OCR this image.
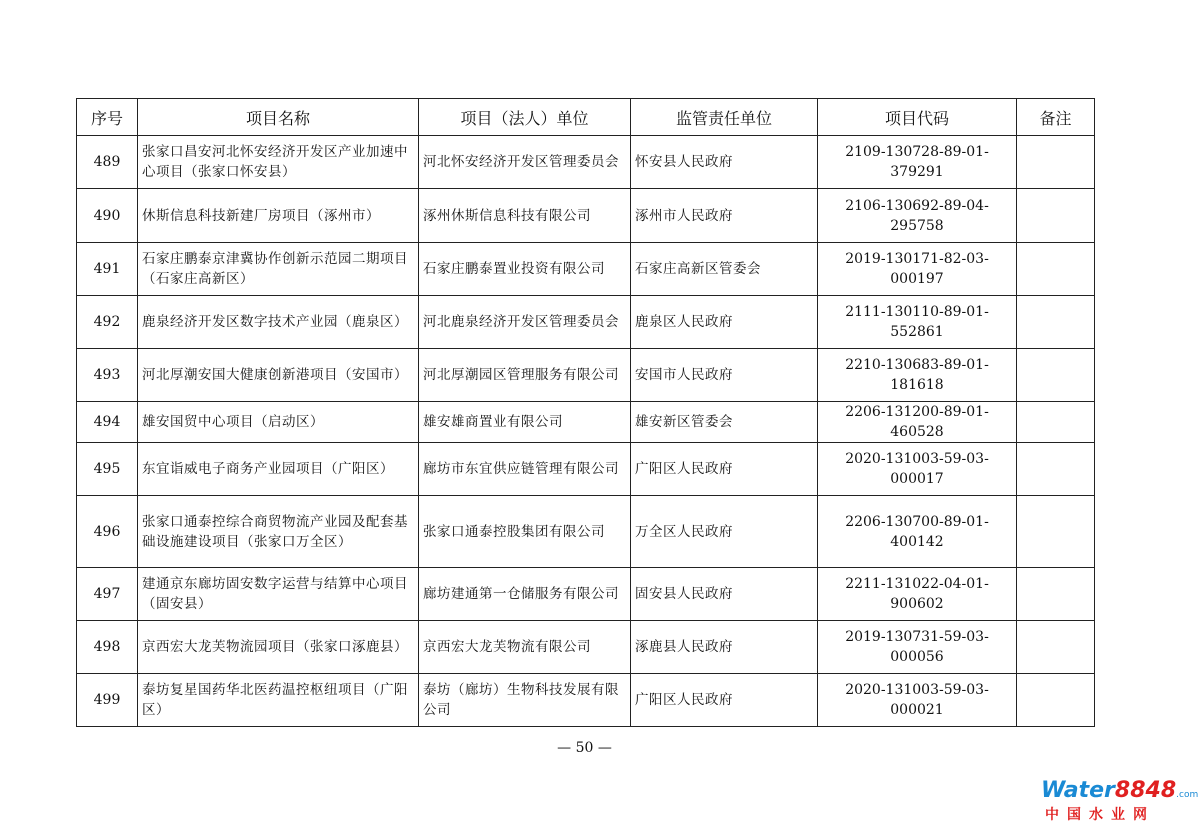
序号	项目名称	项目（法人）单位	监管责任单位	项目代码	备注
489	张家口昌安河北怀安经济开发区产业加速中心项目（张家口怀安县）	河北怀安经济开发区管理委员会	怀安县人民政府	2109-130728-89-01-379291	
490	休斯信息科技新建厂房项目（涿州市）	涿州休斯信息科技有限公司	涿州市人民政府	2106-130692-89-04-295758	
491	石家庄鹏泰京津冀协作创新示范园二期项目（石家庄高新区）	石家庄鹏泰置业投资有限公司	石家庄高新区管委会	2019-130171-82-03-000197	
492	鹿泉经济开发区数字技术产业园（鹿泉区）	河北鹿泉经济开发区管理委员会	鹿泉区人民政府	2111-130110-89-01-552861	
493	河北厚潮安国大健康创新港项目（安国市）	河北厚潮园区管理服务有限公司	安国市人民政府	2210-130683-89-01-181618	
494	雄安国贸中心项目（启动区）	雄安雄商置业有限公司	雄安新区管委会	2206-131200-89-01-460528	
495	东宜诣威电子商务产业园项目（广阳区）	廊坊市东宜供应链管理有限公司	广阳区人民政府	2020-131003-59-03-000017	
496	张家口通泰控综合商贸物流产业园及配套基础设施建设项目（张家口万全区）	张家口通泰控股集团有限公司	万全区人民政府	2206-130700-89-01-400142	
497	建通京东廊坊固安数字运营与结算中心项目（固安县）	廊坊建通第一仓储服务有限公司	固安县人民政府	2211-131022-04-01-900602	
498	京西宏大龙芙物流园项目（张家口涿鹿县）	京西宏大龙芙物流有限公司	涿鹿县人民政府	2019-130731-59-03-000056	
499	泰坊复星国药华北医药温控枢纽项目（广阳区）	泰坊（廊坊）生物科技发展有限公司	广阳区人民政府	2020-131003-59-03-000021	
— 50 —
Water8848.com
中国水业网
